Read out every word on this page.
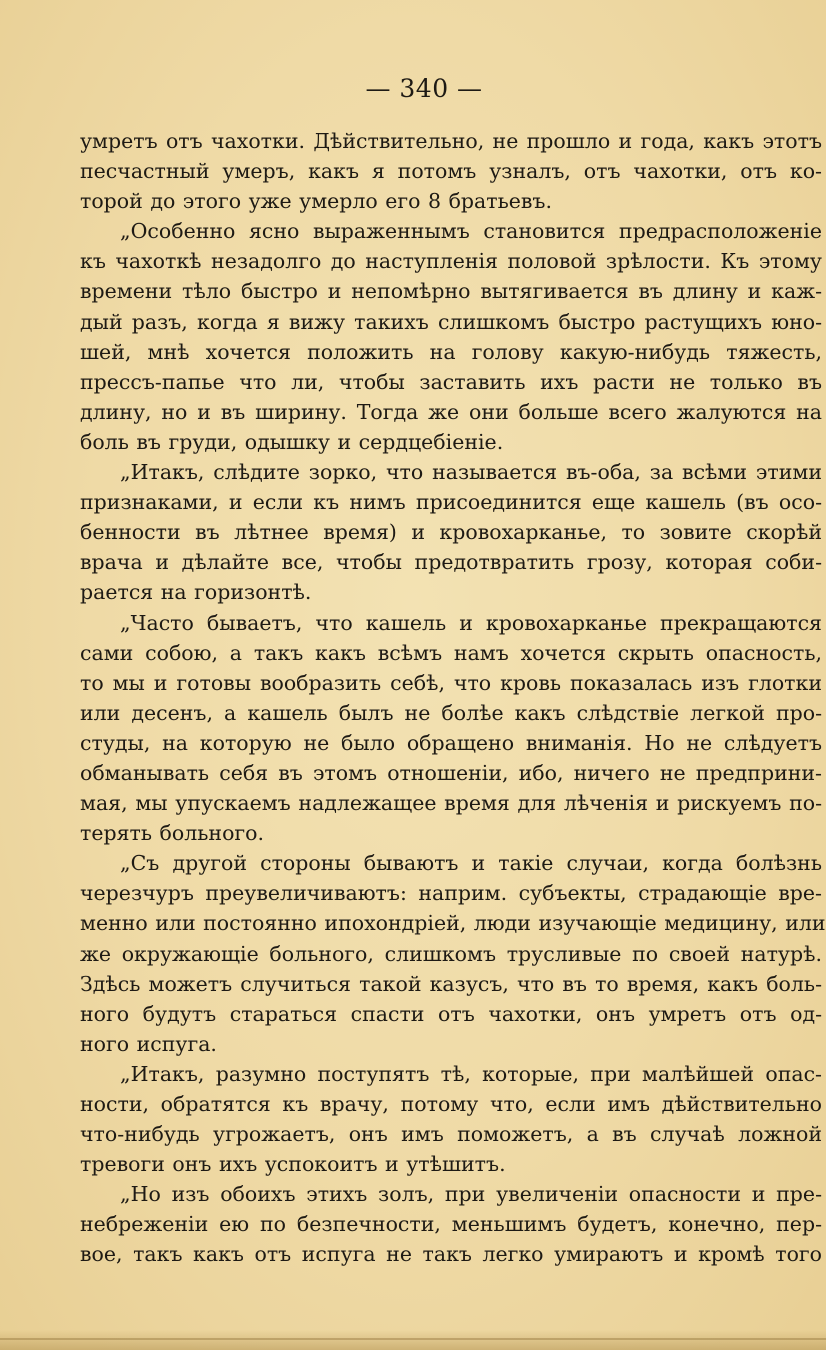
— 340 —
умретъ отъ чахотки. Дѣйствительно, не прошло и года, какъ этотъ
песчастный умеръ, какъ я потомъ узналъ, отъ чахотки, отъ ко-
торой до этого уже умерло его 8 братьевъ.
„Особенно ясно выраженнымъ становится предрасположеніе
къ чахоткѣ незадолго до наступленія половой зрѣлости. Къ этому
времени тѣло быстро и непомѣрно вытягивается въ длину и каж-
дый разъ, когда я вижу такихъ слишкомъ быстро растущихъ юно-
шей, мнѣ хочется положить на голову какую-нибудь тяжесть,
прессъ-папье что ли, чтобы заставить ихъ расти не только въ
длину, но и въ ширину. Тогда же они больше всего жалуются на
боль въ груди, одышку и сердцебіеніе.
„Итакъ, слѣдите зорко, что называется въ-оба, за всѣми этими
признаками, и если къ нимъ присоединится еще кашель (въ осо-
бенности въ лѣтнее время) и кровохарканье, то зовите скорѣй
врача и дѣлайте все, чтобы предотвратить грозу, которая соби-
рается на горизонтѣ.
„Часто бываетъ, что кашель и кровохарканье прекращаются
сами собою, а такъ какъ всѣмъ намъ хочется скрыть опасность,
то мы и готовы вообразить себѣ, что кровь показалась изъ глотки
или десенъ, а кашель былъ не болѣе какъ слѣдствіе легкой про-
студы, на которую не было обращено вниманія. Но не слѣдуетъ
обманывать себя въ этомъ отношеніи, ибо, ничего не предприни-
мая, мы упускаемъ надлежащее время для лѣченія и рискуемъ по-
терять больного.
„Съ другой стороны бываютъ и такіе случаи, когда болѣзнь
черезчуръ преувеличиваютъ: наприм. субъекты, страдающіе вре-
менно или постоянно ипохондріей, люди изучающіе медицину, или
же окружающіе больного, слишкомъ трусливые по своей натурѣ.
Здѣсь можетъ случиться такой казусъ, что въ то время, какъ боль-
ного будутъ стараться спасти отъ чахотки, онъ умретъ отъ од-
ного испуга.
„Итакъ, разумно поступятъ тѣ, которые, при малѣйшей опас-
ности, обратятся къ врачу, потому что, если имъ дѣйствительно
что-нибудь угрожаетъ, онъ имъ поможетъ, а въ случаѣ ложной
тревоги онъ ихъ успокоитъ и утѣшитъ.
„Но изъ обоихъ этихъ золъ, при увеличеніи опасности и пре-
небреженіи ею по безпечности, меньшимъ будетъ, конечно, пер-
вое, такъ какъ отъ испуга не такъ легко умираютъ и кромѣ того
